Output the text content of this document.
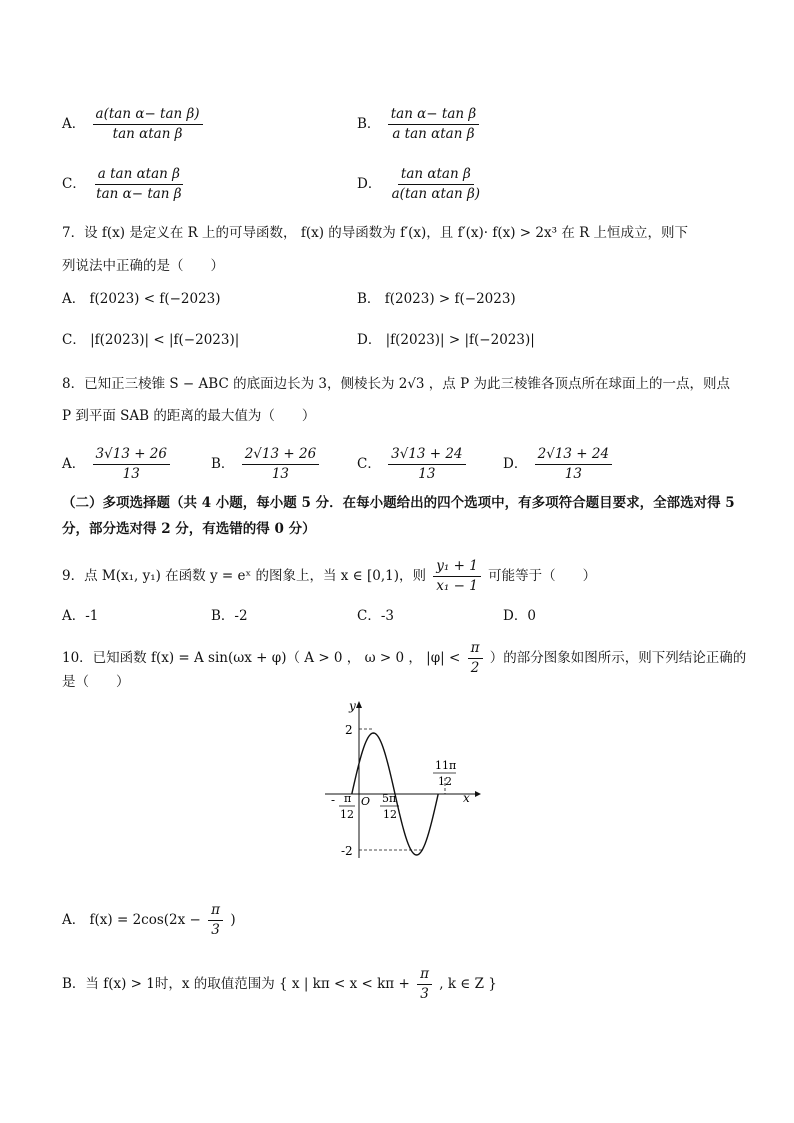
A． $\frac{\text{a(tan α− tan β)}}{\text{tan αtan β}}$	B． $\frac{\text{tan α− tan β}}{\text{a tan αtan β}}$
C． $\frac{\text{a tan αtan β}}{\text{tan α− tan β}}$	D． $\frac{\text{tan αtan β}}{\text{a(tan αtan β)}}$
7．设 f(x) 是定义在 R 上的可导函数， f(x) 的导函数为 f′(x)，且 f′(x)· f(x) > 2x³ 在 R 上恒成立，则下
列说法中正确的是（　　）
A． f(2023) < f(−2023)	B． f(2023) > f(−2023)
C． |f(2023)| < |f(−2023)|	D． |f(2023)| > |f(−2023)|
8．已知正三棱锥 S − ABC 的底面边长为 3，侧棱长为 2√3 ，点 P 为此三棱锥各顶点所在球面上的一点，则点
P 到平面 SAB 的距离的最大值为（　　）
A． $\frac{3√13 + 26}{13}$	B． $\frac{2√13 + 26}{13}$	C． $\frac{3√13 + 24}{13}$	D． $\frac{2√13 + 24}{13}$
（二）多项选择题（共 4 小题，每小题 5 分．在每小题给出的四个选项中，有多项符合题目要求，全部选对得 5
分，部分选对得 2 分，有选错的得 0 分）
9．点 M(x₁, y₁) 在函数 y = eˣ 的图象上，当 x ∈ [0,1)，则 $\frac{\text{y₁ + 1}}{\text{x₁ − 1}}$ 可能等于（　　）
A．-1	B．-2	C．-3	D．0
10．已知函数 f(x) = A sin(ωx + φ)（ A > 0 ， ω > 0 ， $|\varphi| < \frac{\pi}{2}$ ）的部分图象如图所示，则下列结论正确的
是（　　）
y
x
O
2
-2
- π
12
5π
12
11π
12
A． $f(x) = 2\cos(2x - \frac{\pi}{3}$ )
B．当 f(x) > 1时，x 的取值范围为 { x | $k\pi < x < k\pi + \frac{\pi}{3}$ , k ∈ Z }
